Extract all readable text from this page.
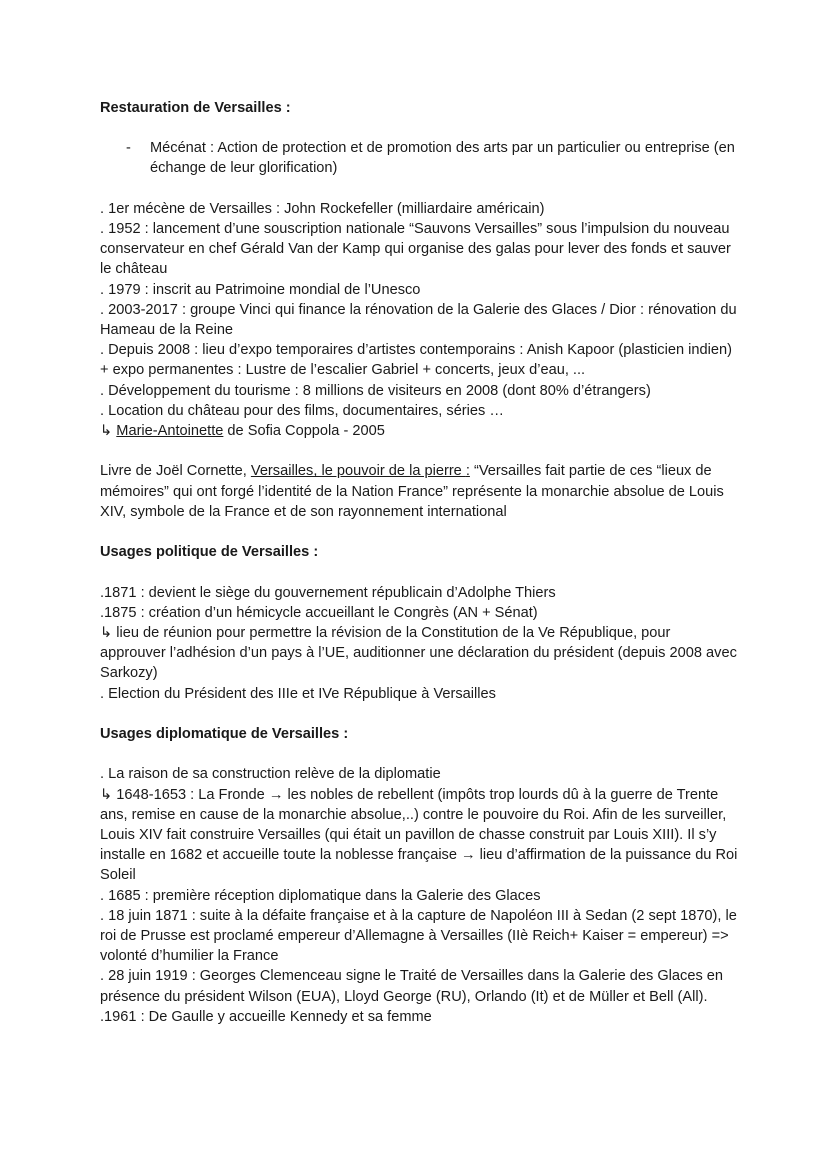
Restauration de Versailles :

-	Mécénat : Action de protection et de promotion des arts par un particulier ou entreprise (en échange de leur glorification)

. 1er mécène de Versailles : John Rockefeller (milliardaire américain)

. 1952 : lancement d’une souscription nationale “Sauvons Versailles” sous l’impulsion du nouveau conservateur en chef Gérald Van der Kamp qui organise des galas pour lever des fonds et sauver le château

. 1979 : inscrit au Patrimoine mondial de l’Unesco

. 2003-2017 : groupe Vinci qui finance la rénovation de la Galerie des Glaces / Dior : rénovation du Hameau de la Reine

. Depuis 2008 : lieu d’expo temporaires d’artistes contemporains : Anish Kapoor (plasticien indien) + expo permanentes : Lustre de l’escalier Gabriel + concerts, jeux d’eau, ...

. Développement du tourisme : 8 millions de visiteurs en 2008 (dont 80% d’étrangers)

. Location du château pour des films, documentaires, séries …

↳ Marie-Antoinette de Sofia Coppola - 2005

Livre de Joël Cornette, Versailles, le pouvoir de la pierre : “Versailles fait partie de ces “lieux de mémoires” qui ont forgé l’identité de la Nation France” représente la monarchie absolue de Louis XIV, symbole de la France et de son rayonnement international

Usages politique de Versailles :

.1871 : devient le siège du gouvernement républicain d’Adolphe Thiers

.1875 : création d’un hémicycle accueillant le Congrès (AN + Sénat)

↳ lieu de réunion pour permettre la révision de la Constitution de la Ve République, pour approuver l’adhésion d’un pays à l’UE, auditionner une déclaration du président (depuis 2008 avec Sarkozy)

. Election du Président des IIIe et IVe République à Versailles

Usages diplomatique de Versailles :

. La raison de sa construction relève de la diplomatie

↳ 1648-1653 : La Fronde → les nobles de rebellent (impôts trop lourds dû à la guerre de Trente ans, remise en cause de la monarchie absolue,..) contre le pouvoire du Roi. Afin de les surveiller, Louis XIV fait construire Versailles (qui était un pavillon de chasse construit par Louis XIII). Il s’y installe en 1682 et accueille toute la noblesse française → lieu d’affirmation de la puissance du Roi Soleil

. 1685 : première réception diplomatique dans la Galerie des Glaces

. 18 juin 1871 : suite à la défaite française et à la capture de Napoléon III à Sedan (2 sept 1870), le roi de Prusse est proclamé empereur d’Allemagne à Versailles (IIè Reich+ Kaiser = empereur) => volonté d’humilier la France

. 28 juin 1919 : Georges Clemenceau signe le Traité de Versailles dans la Galerie des Glaces en présence du président Wilson (EUA), Lloyd George (RU), Orlando (It) et de Müller et Bell (All).

.1961 : De Gaulle y accueille Kennedy et sa femme
